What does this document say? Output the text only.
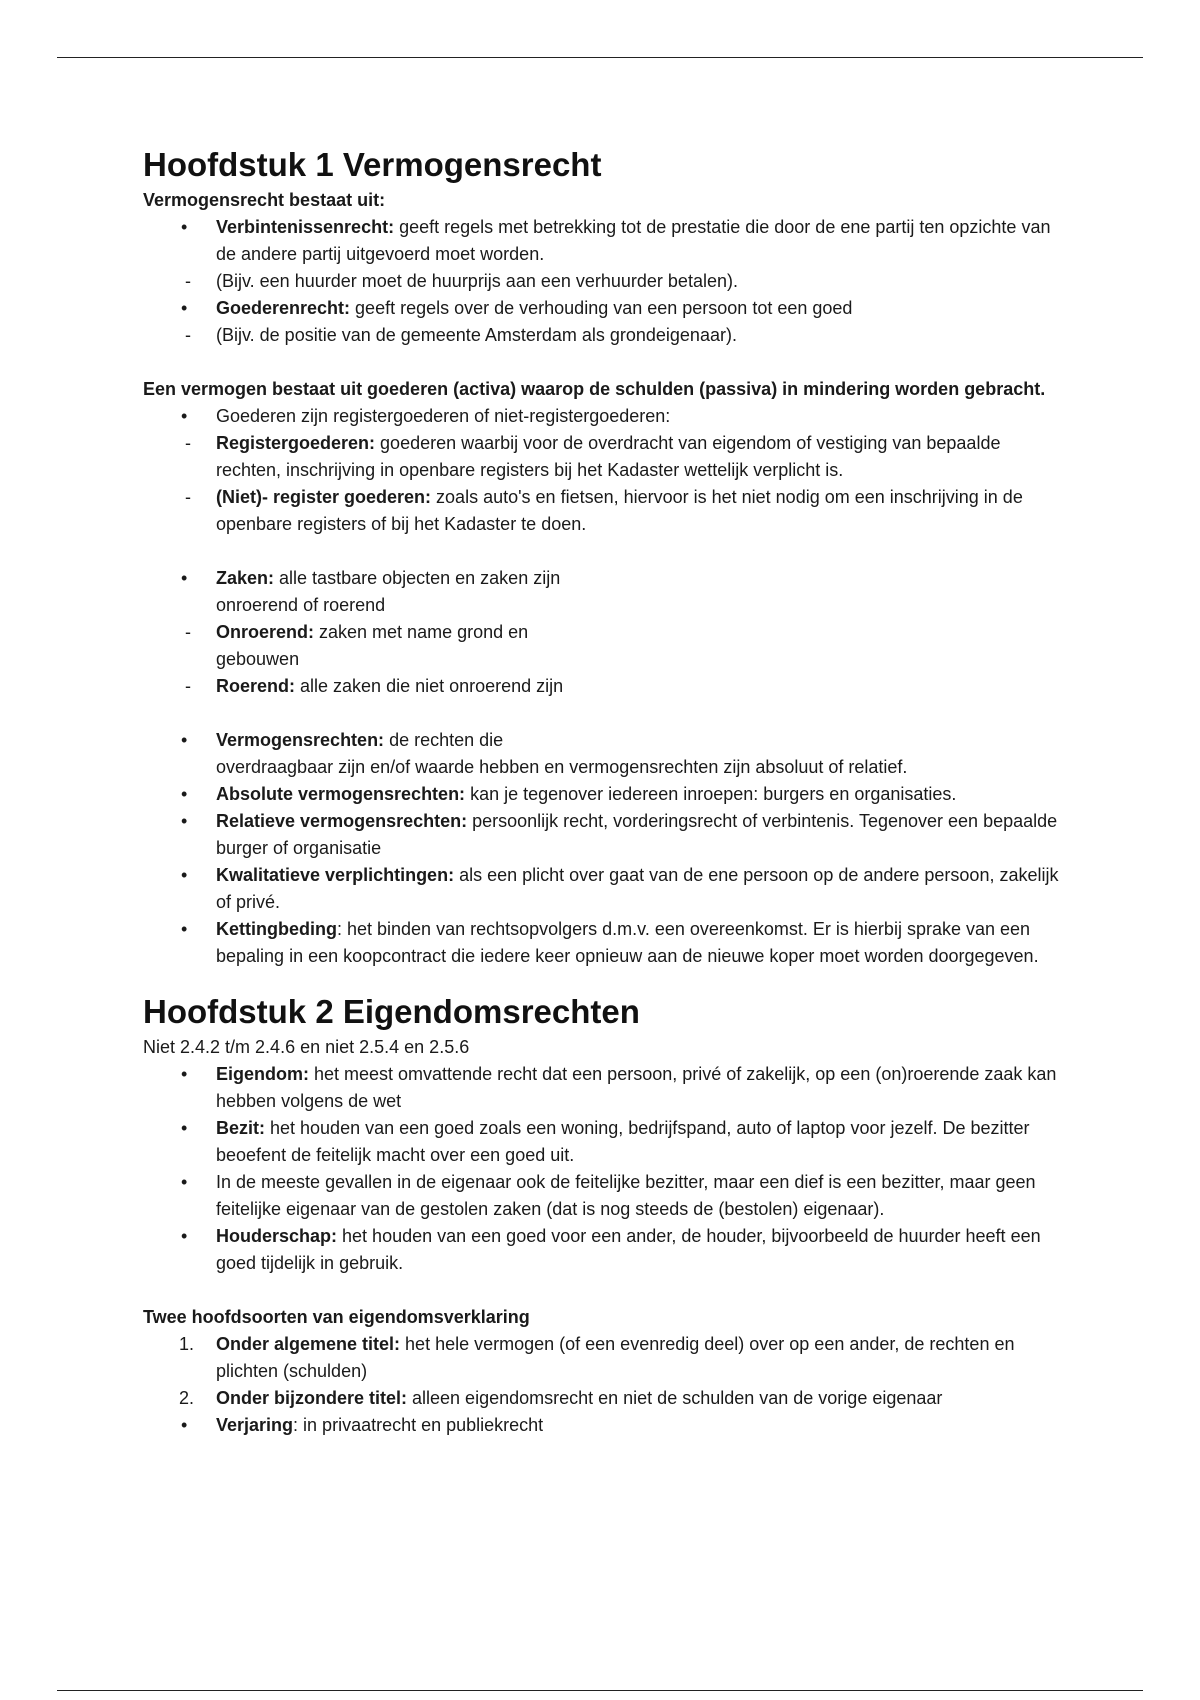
Hoofdstuk 1 Vermogensrecht

Vermogensrecht bestaat uit:

•	Verbintenissenrecht: geeft regels met betrekking tot de prestatie die door de ene partij ten opzichte van de andere partij uitgevoerd moet worden.
-	(Bijv. een huurder moet de huurprijs aan een verhuurder betalen).
•	Goederenrecht: geeft regels over de verhouding van een persoon tot een goed
-	(Bijv. de positie van de gemeente Amsterdam als grondeigenaar).

Een vermogen bestaat uit goederen (activa) waarop de schulden (passiva) in mindering worden gebracht.

•	Goederen zijn registergoederen of niet-registergoederen:
-	Registergoederen: goederen waarbij voor de overdracht van eigendom of vestiging van bepaalde rechten, inschrijving in openbare registers bij het Kadaster wettelijk verplicht is.
-	(Niet)- register goederen: zoals auto's en fietsen, hiervoor is het niet nodig om een inschrijving in de openbare registers of bij het Kadaster te doen.
•	Zaken: alle tastbare objecten en zaken zijn onroerend of roerend
-	Onroerend: zaken met name grond en gebouwen
-	Roerend: alle zaken die niet onroerend zijn
•	Vermogensrechten: de rechten die
overdraagbaar zijn en/of waarde hebben en vermogensrechten zijn absoluut of relatief.
•	Absolute vermogensrechten: kan je tegenover iedereen inroepen: burgers en organisaties.
•	Relatieve vermogensrechten: persoonlijk recht, vorderingsrecht of verbintenis. Tegenover een bepaalde burger of organisatie
•	Kwalitatieve verplichtingen: als een plicht over gaat van de ene persoon op de andere persoon, zakelijk of privé.
•	Kettingbeding: het binden van rechtsopvolgers d.m.v. een overeenkomst. Er is hierbij sprake van een bepaling in een koopcontract die iedere keer opnieuw aan de nieuwe koper moet worden doorgegeven.
Hoofdstuk 2 Eigendomsrechten

Niet 2.4.2 t/m 2.4.6 en niet 2.5.4 en 2.5.6

•	Eigendom: het meest omvattende recht dat een persoon, privé of zakelijk, op een (on)roerende zaak kan hebben volgens de wet
•	Bezit: het houden van een goed zoals een woning, bedrijfspand, auto of laptop voor jezelf. De bezitter beoefent de feitelijk macht over een goed uit.
•	In de meeste gevallen in de eigenaar ook de feitelijke bezitter, maar een dief is een bezitter, maar geen feitelijke eigenaar van de gestolen zaken (dat is nog steeds de (bestolen) eigenaar).
•	Houderschap: het houden van een goed voor een ander, de houder, bijvoorbeeld de huurder heeft een goed tijdelijk in gebruik.

Twee hoofdsoorten van eigendomsverklaring

1.	Onder algemene titel: het hele vermogen (of een evenredig deel) over op een ander, de rechten en plichten (schulden)
2.	Onder bijzondere titel: alleen eigendomsrecht en niet de schulden van de vorige eigenaar
•	Verjaring: in privaatrecht en publiekrecht
